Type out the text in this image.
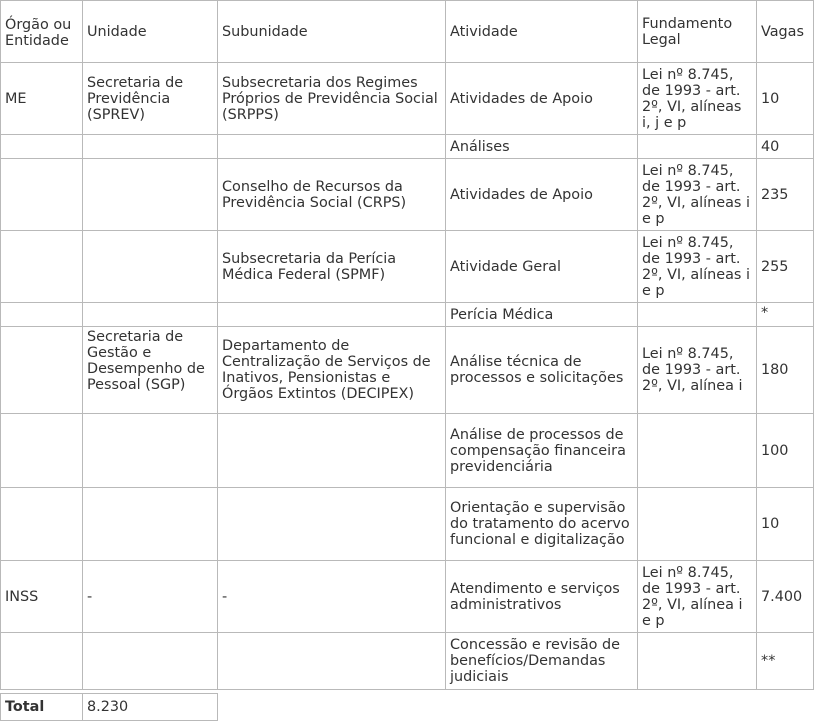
Órgão ou Entidade	Unidade	Subunidade	Atividade	Fundamento Legal	Vagas
ME	Secretaria de Previdência (SPREV)	Subsecretaria dos Regimes Próprios de Previdência Social (SRPPS)	Atividades de Apoio	Lei nº 8.745, de 1993 - art. 2º, VI, alíneas i, j e p	10
			Análises		40
		Conselho de Recursos da Previdência Social (CRPS)	Atividades de Apoio	Lei nº 8.745, de 1993 - art. 2º, VI, alíneas i e p	235
		Subsecretaria da Perícia Médica Federal (SPMF)	Atividade Geral	Lei nº 8.745, de 1993 - art. 2º, VI, alíneas i e p	255
			Perícia Médica		*
	Secretaria de Gestão e Desempenho de Pessoal (SGP)	Departamento de Centralização de Serviços de Inativos, Pensionistas e Órgãos Extintos (DECIPEX)	Análise técnica de processos e solicitações	Lei nº 8.745, de 1993 - art. 2º, VI, alínea i	180
			Análise de processos de compensação financeira previdenciária		100
			Orientação e supervisão do tratamento do acervo funcional e digitalização		10
INSS	-	-	Atendimento e serviços administrativos	Lei nº 8.745, de 1993 - art. 2º, VI, alínea i e p	7.400
			Concessão e revisão de benefícios/Demandas judiciais		**
Total	8.230
